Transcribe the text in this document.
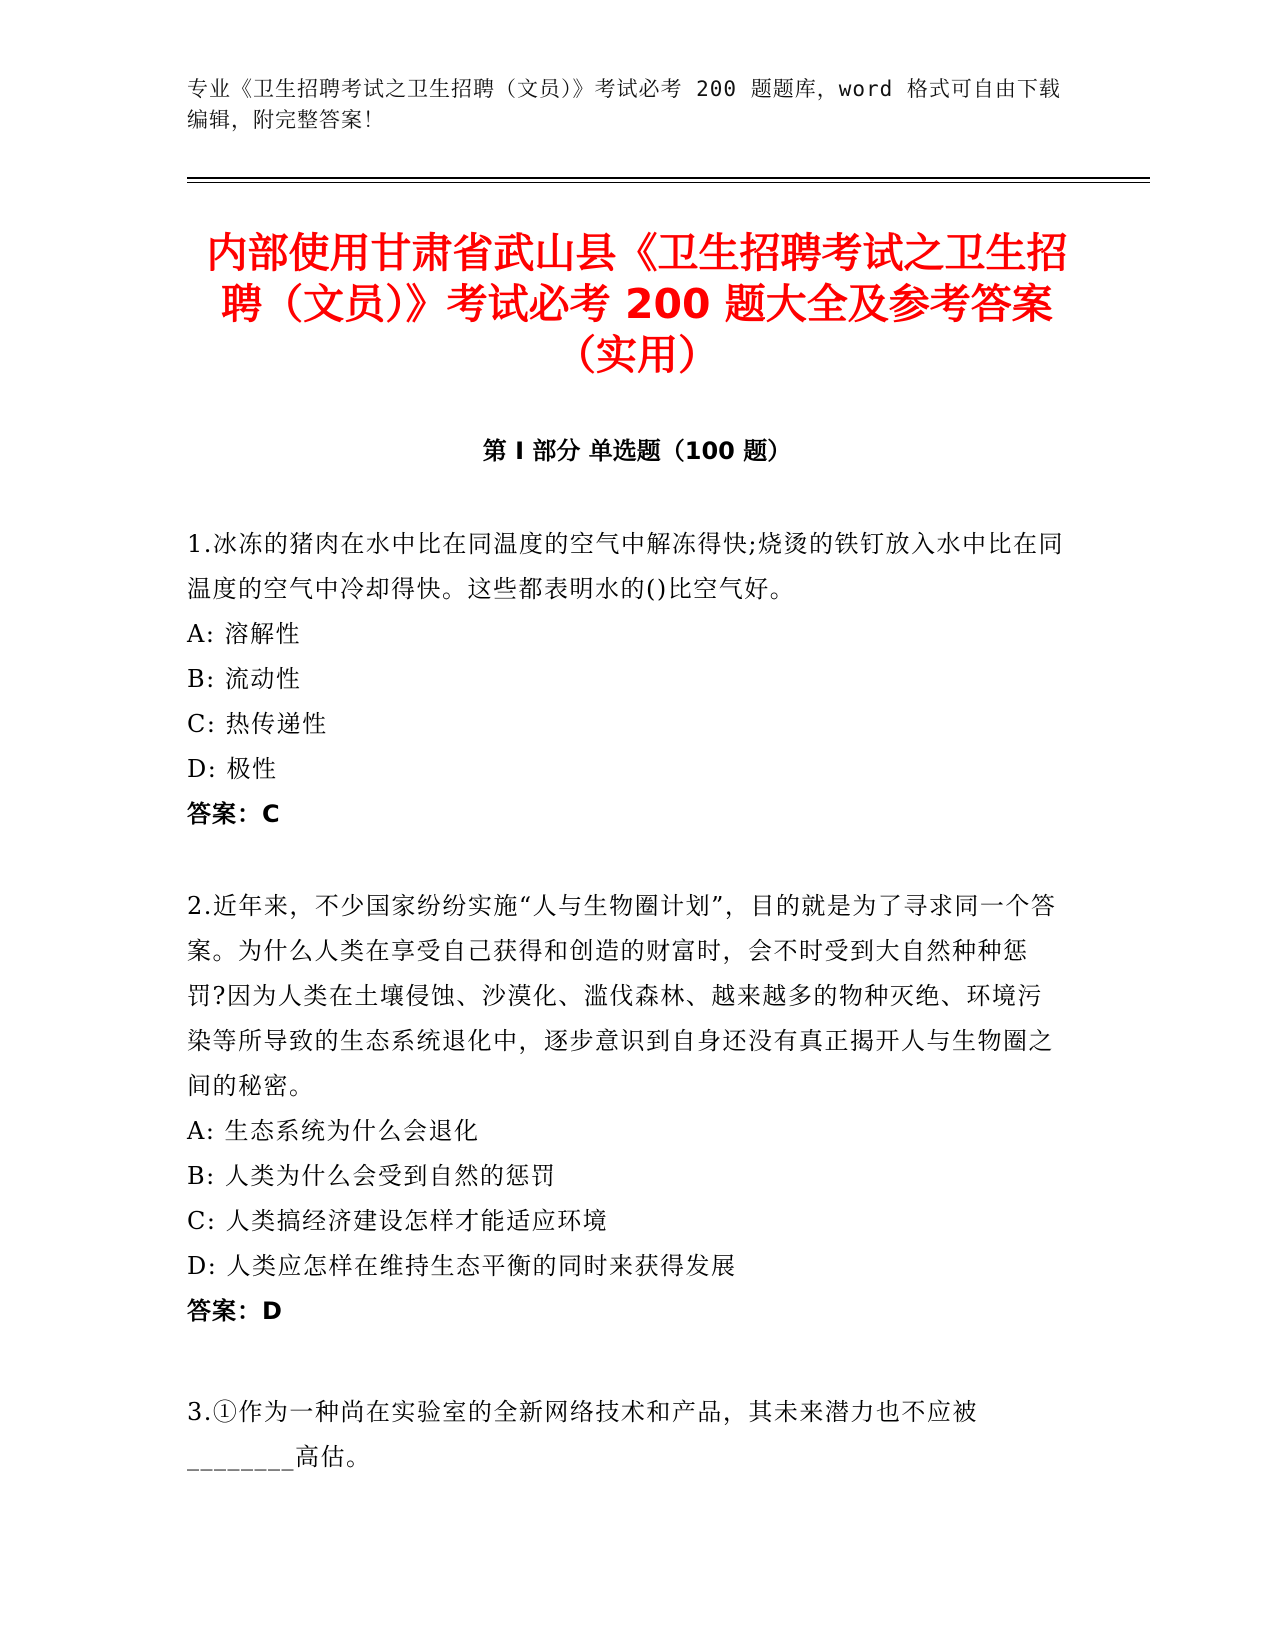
专业《卫生招聘考试之卫生招聘（文员）》考试必考 200 题题库，word 格式可自由下载编辑，附完整答案！
内部使用甘肃省武山县《卫生招聘考试之卫生招聘（文员）》考试必考 200 题大全及参考答案（实用）
第 I 部分 单选题（100 题）
1.冰冻的猪肉在水中比在同温度的空气中解冻得快;烧烫的铁钉放入水中比在同温度的空气中冷却得快。这些都表明水的()比空气好。
A: 溶解性
B: 流动性
C: 热传递性
D: 极性
答案：C
2.近年来，不少国家纷纷实施“人与生物圈计划”，目的就是为了寻求同一个答案。为什么人类在享受自己获得和创造的财富时，会不时受到大自然种种惩罚?因为人类在土壤侵蚀、沙漠化、滥伐森林、越来越多的物种灭绝、环境污染等所导致的生态系统退化中，逐步意识到自身还没有真正揭开人与生物圈之间的秘密。
A: 生态系统为什么会退化
B: 人类为什么会受到自然的惩罚
C: 人类搞经济建设怎样才能适应环境
D: 人类应怎样在维持生态平衡的同时来获得发展
答案：D
3.①作为一种尚在实验室的全新网络技术和产品，其未来潜力也不应被________高估。
